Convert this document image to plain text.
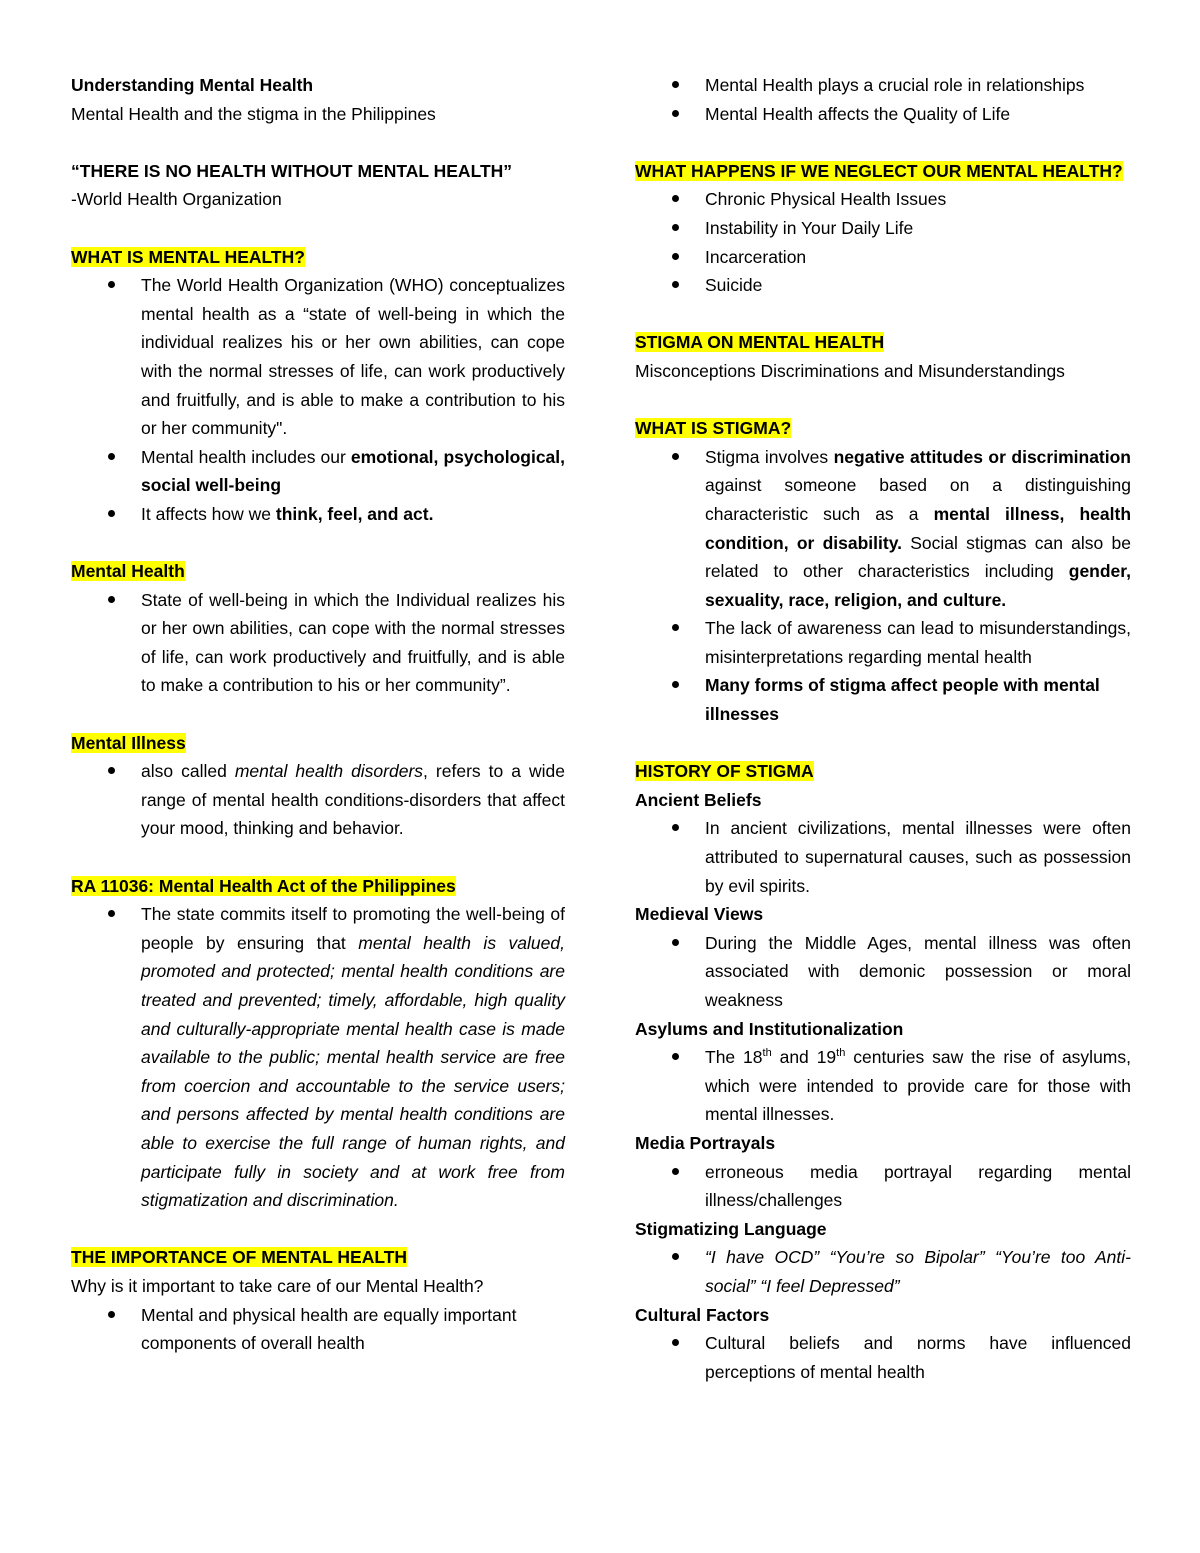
Understanding Mental Health

Mental Health and the stigma in the Philippines

“THERE IS NO HEALTH WITHOUT MENTAL HEALTH”

-World Health Organization

WHAT IS MENTAL HEALTH?

The World Health Organization (WHO) conceptualizes mental health as a “state of well-being in which the individual realizes his or her own abilities, can cope with the normal stresses of life, can work productively and fruitfully, and is able to make a contribution to his or her community".
Mental health includes our emotional, psychological, social well-being
It affects how we think, feel, and act.

Mental Health

State of well-being in which the Individual realizes his or her own abilities, can cope with the normal stresses of life, can work productively and fruitfully, and is able to make a contribution to his or her community”.

Mental Illness

also called mental health disorders, refers to a wide range of mental health conditions-disorders that affect your mood, thinking and behavior.

RA 11036: Mental Health Act of the Philippines

The state commits itself to promoting the well-being of people by ensuring that mental health is valued, promoted and protected; mental health conditions are treated and prevented; timely, affordable, high quality and culturally-appropriate mental health case is made available to the public; mental health service are free from coercion and accountable to the service users; and persons affected by mental health conditions are able to exercise the full range of human rights, and participate fully in society and at work free from stigmatization and discrimination.

THE IMPORTANCE OF MENTAL HEALTH

Why is it important to take care of our Mental Health?

Mental and physical health are equally important components of overall health
Mental Health plays a crucial role in relationships
Mental Health affects the Quality of Life

WHAT HAPPENS IF WE NEGLECT OUR MENTAL HEALTH?

Chronic Physical Health Issues
Instability in Your Daily Life
Incarceration
Suicide

STIGMA ON MENTAL HEALTH

Misconceptions Discriminations and Misunderstandings

WHAT IS STIGMA?

Stigma involves negative attitudes or discrimination against someone based on a distinguishing characteristic such as a mental illness, health condition, or disability. Social stigmas can also be related to other characteristics including gender, sexuality, race, religion, and culture.
The lack of awareness can lead to misunderstandings, misinterpretations regarding mental health
Many forms of stigma affect people with mental illnesses

HISTORY OF STIGMA

Ancient Beliefs

In ancient civilizations, mental illnesses were often attributed to supernatural causes, such as possession by evil spirits.

Medieval Views

During the Middle Ages, mental illness was often associated with demonic possession or moral weakness

Asylums and Institutionalization

The 18th and 19th centuries saw the rise of asylums, which were intended to provide care for those with mental illnesses.

Media Portrayals

erroneous media portrayal regarding mental illness/challenges

Stigmatizing Language

“I have OCD” “You’re so Bipolar” “You’re too Anti-social” “I feel Depressed”

Cultural Factors

Cultural beliefs and norms have influenced perceptions of mental health
